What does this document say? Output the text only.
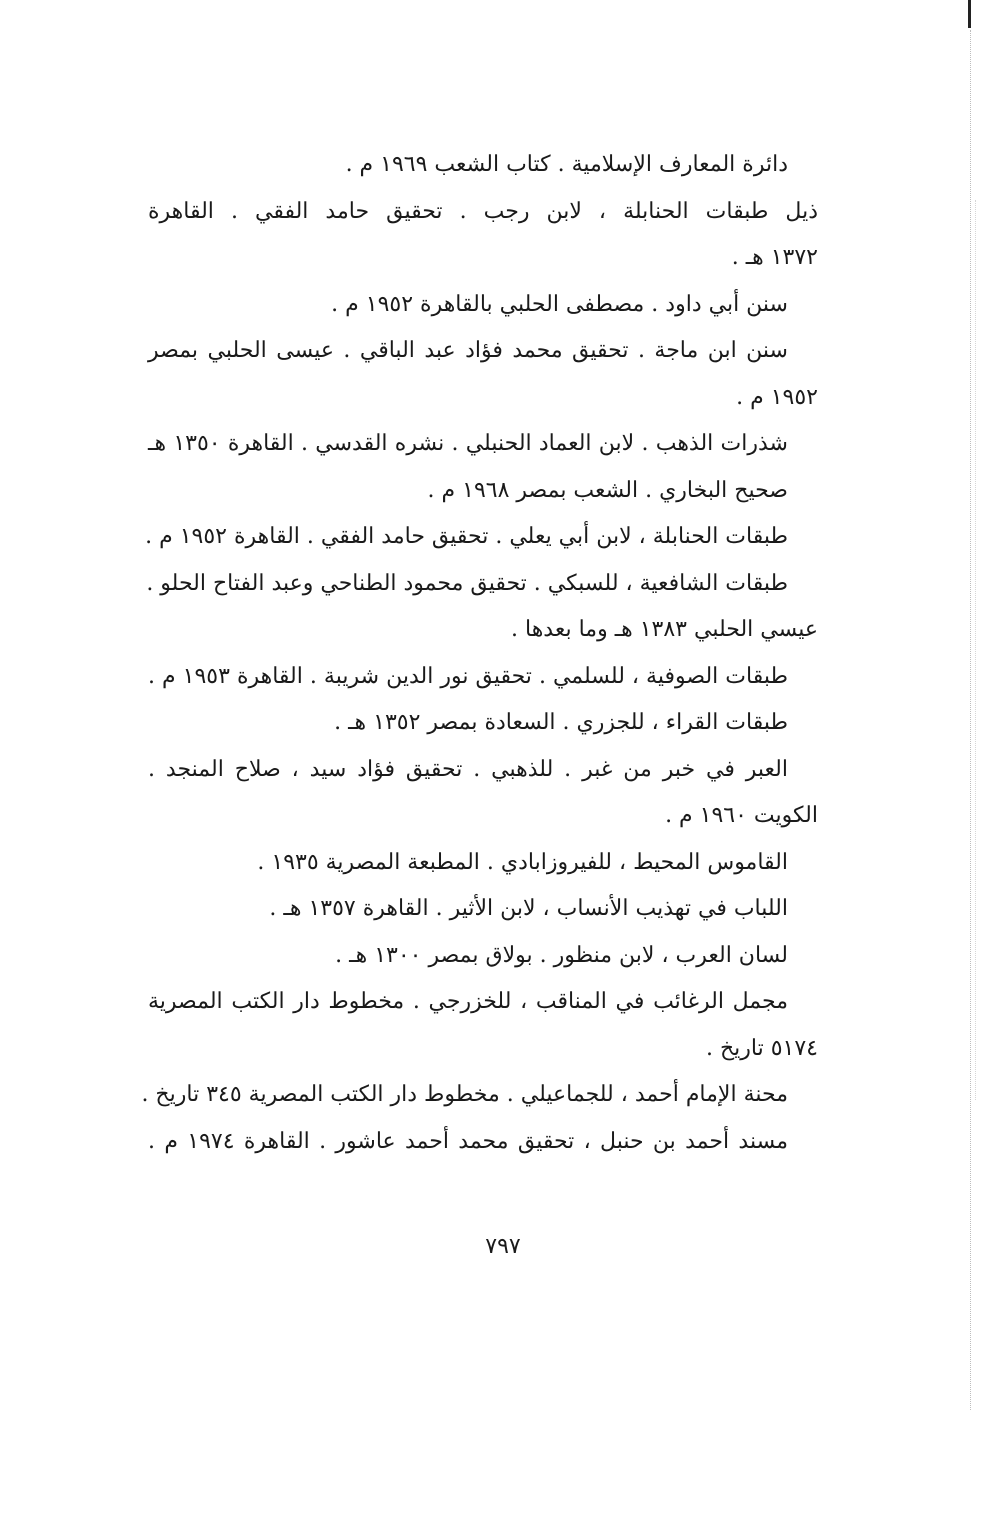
دائرة المعارف الإسلامية . كتاب الشعب ١٩٦٩ م .

ذيل طبقات الحنابلة ، لابن رجب . تحقيق حامد الفقي . القاهرة
١٣٧٢ هـ .

سنن أبي داود . مصطفى الحلبي بالقاهرة ١٩٥٢ م .

سنن ابن ماجة . تحقيق محمد فؤاد عبد الباقي . عيسى الحلبي بمصر
١٩٥٢ م .

شذرات الذهب . لابن العماد الحنبلي . نشره القدسي . القاهرة ١٣٥٠ هـ

صحيح البخاري . الشعب بمصر ١٩٦٨ م .

طبقات الحنابلة ، لابن أبي يعلي . تحقيق حامد الفقي . القاهرة ١٩٥٢ م .

طبقات الشافعية ، للسبكي . تحقيق محمود الطناحي وعبد الفتاح الحلو .
عيسي الحلبي ١٣٨٣ هـ وما بعدها .

طبقات الصوفية ، للسلمي . تحقيق نور الدين شريبة . القاهرة ١٩٥٣ م .

طبقات القراء ، للجزري . السعادة بمصر ١٣٥٢ هـ .

العبر في خبر من غبر . للذهبي . تحقيق فؤاد سيد ، صلاح المنجد .
الكويت ١٩٦٠ م .

القاموس المحيط ، للفيروزابادي . المطبعة المصرية ١٩٣٥ .

اللباب في تهذيب الأنساب ، لابن الأثير . القاهرة ١٣٥٧ هـ .

لسان العرب ، لابن منظور . بولاق بمصر ١٣٠٠ هـ .

مجمل الرغائب في المناقب ، للخزرجي . مخطوط دار الكتب المصرية
٥١٧٤ تاريخ .

محنة الإمام أحمد ، للجماعيلي . مخطوط دار الكتب المصرية ٣٤٥ تاريخ .

مسند أحمد بن حنبل ، تحقيق محمد أحمد عاشور . القاهرة ١٩٧٤ م .

٧٩٧
